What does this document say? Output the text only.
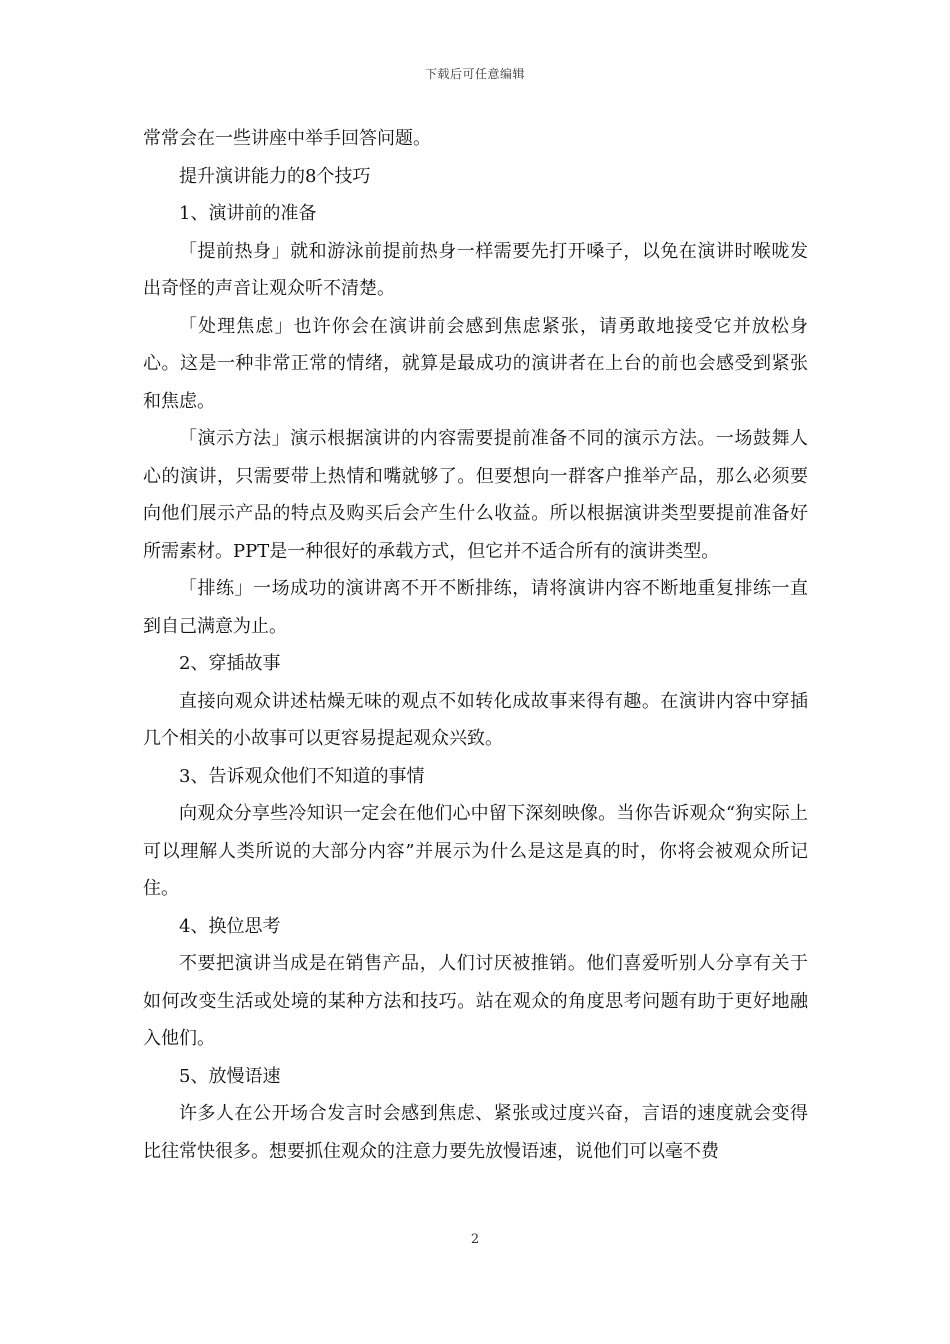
下载后可任意编辑

常常会在一些讲座中举手回答问题。

提升演讲能力的8个技巧

1、演讲前的准备

「提前热身」就和游泳前提前热身一样需要先打开嗓子，以免在演讲时喉咙发出奇怪的声音让观众听不清楚。

「处理焦虑」也许你会在演讲前会感到焦虑紧张，请勇敢地接受它并放松身心。这是一种非常正常的情绪，就算是最成功的演讲者在上台的前也会感受到紧张和焦虑。

「演示方法」演示根据演讲的内容需要提前准备不同的演示方法。一场鼓舞人心的演讲，只需要带上热情和嘴就够了。但要想向一群客户推举产品，那么必须要向他们展示产品的特点及购买后会产生什么收益。所以根据演讲类型要提前准备好所需素材。PPT是一种很好的承载方式，但它并不适合所有的演讲类型。

「排练」一场成功的演讲离不开不断排练，请将演讲内容不断地重复排练一直到自己满意为止。

2、穿插故事

直接向观众讲述枯燥无味的观点不如转化成故事来得有趣。在演讲内容中穿插几个相关的小故事可以更容易提起观众兴致。

3、告诉观众他们不知道的事情

向观众分享些冷知识一定会在他们心中留下深刻映像。当你告诉观众“狗实际上可以理解人类所说的大部分内容”并展示为什么是这是真的时，你将会被观众所记住。

4、换位思考

不要把演讲当成是在销售产品，人们讨厌被推销。他们喜爱听别人分享有关于如何改变生活或处境的某种方法和技巧。站在观众的角度思考问题有助于更好地融入他们。

5、放慢语速

许多人在公开场合发言时会感到焦虑、紧张或过度兴奋，言语的速度就会变得比往常快很多。想要抓住观众的注意力要先放慢语速，说他们可以毫不费

2
